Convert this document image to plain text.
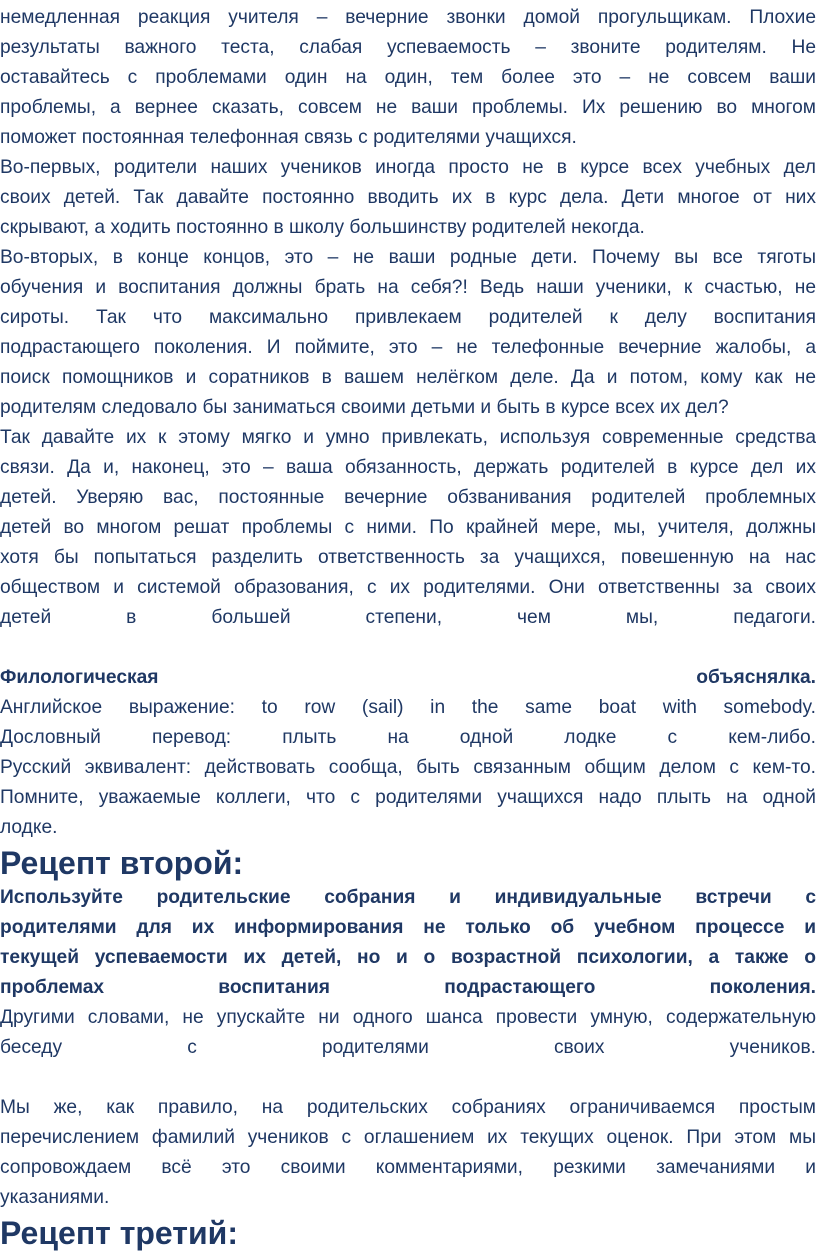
немедленная реакция учителя – вечерние звонки домой прогульщикам. Плохие
результаты важного теста, слабая успеваемость – звоните родителям. Не
оставайтесь с проблемами один на один, тем более это – не совсем ваши
проблемы, а вернее сказать, совсем не ваши проблемы. Их решению во многом
поможет постоянная телефонная связь с родителями учащихся.
Во-первых, родители наших учеников иногда просто не в курсе всех учебных дел
своих детей. Так давайте постоянно вводить их в курс дела. Дети многое от них
скрывают, а ходить постоянно в школу большинству родителей некогда.
Во-вторых, в конце концов, это – не ваши родные дети. Почему вы все тяготы
обучения и воспитания должны брать на себя?! Ведь наши ученики, к счастью, не
сироты. Так что максимально привлекаем родителей к делу воспитания
подрастающего поколения. И поймите, это – не телефонные вечерние жалобы, а
поиск помощников и соратников в вашем нелёгком деле. Да и потом, кому как не
родителям следовало бы заниматься своими детьми и быть в курсе всех их дел?
Так давайте их к этому мягко и умно привлекать, используя современные средства
связи. Да и, наконец, это – ваша обязанность, держать родителей в курсе дел их
детей. Уверяю вас, постоянные вечерние обзванивания родителей проблемных
детей во многом решат проблемы с ними. По крайней мере, мы, учителя, должны
хотя бы попытаться разделить ответственность за учащихся, повешенную на нас
обществом и системой образования, с их родителями. Они ответственны за своих
детей в большей степени, чем мы, педагоги.
Филологическая объяснялка.
Английское выражение: to row (sail) in the same boat with somebody.
Дословный перевод: плыть на одной лодке с кем-либо.
Русский эквивалент: действовать сообща, быть связанным общим делом с кем-то.
Помните, уважаемые коллеги, что с родителями учащихся надо плыть на одной
лодке.
Рецепт второй:
Используйте родительские собрания и индивидуальные встречи с
родителями для их информирования не только об учебном процессе и
текущей успеваемости их детей, но и о возрастной психологии, а также о
проблемах воспитания подрастающего поколения.
Другими словами, не упускайте ни одного шанса провести умную, содержательную
беседу с родителями своих учеников.
Мы же, как правило, на родительских собраниях ограничиваемся простым
перечислением фамилий учеников с оглашением их текущих оценок. При этом мы
сопровождаем всё это своими комментариями, резкими замечаниями и
указаниями.
Рецепт третий:
